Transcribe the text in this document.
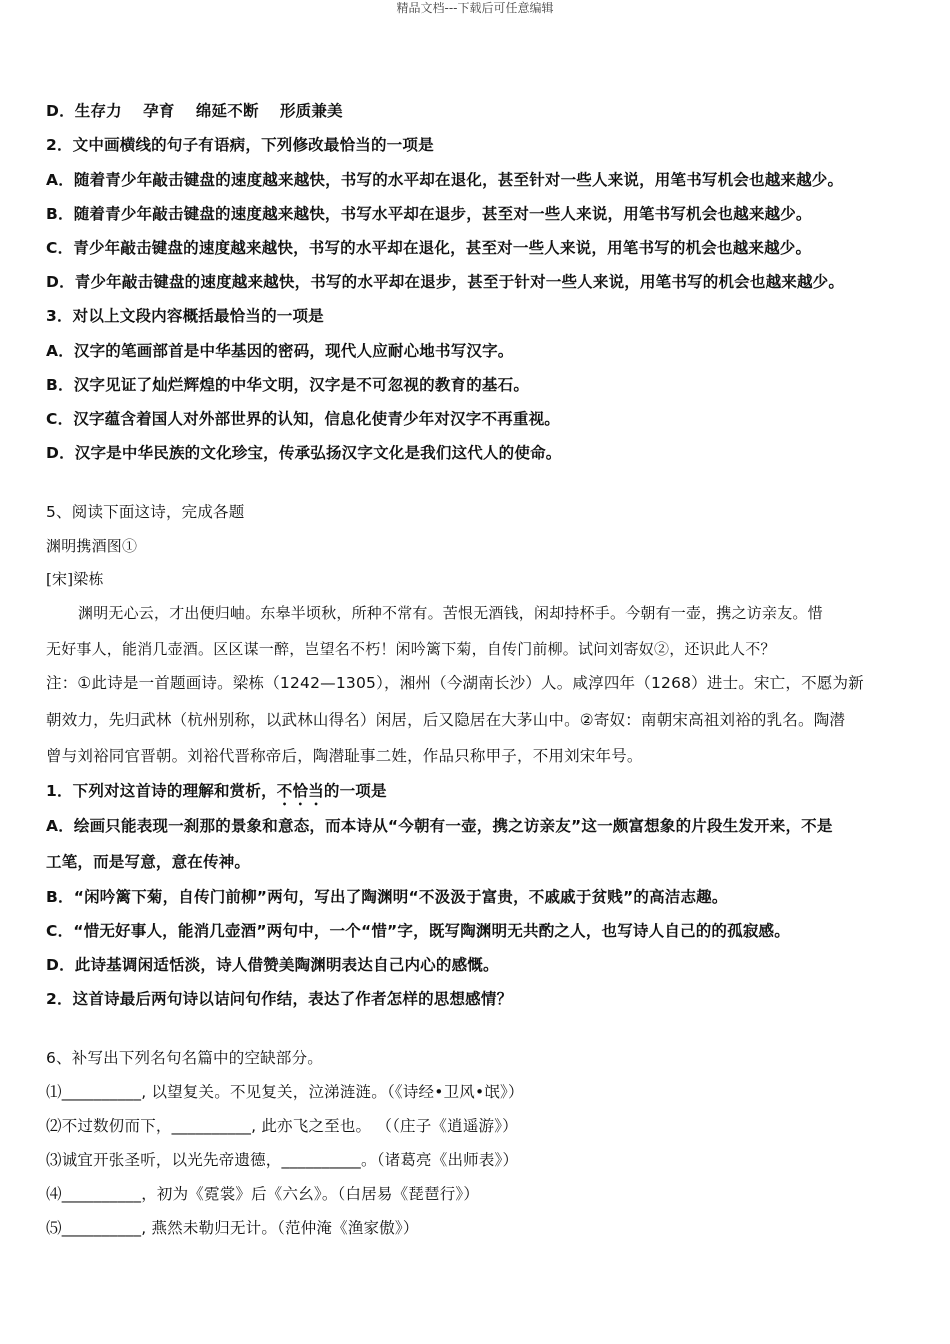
精品文档---下载后可任意编辑
D．生存力 　孕育 　绵延不断 　形质兼美
2．文中画横线的句子有语病，下列修改最恰当的一项是
A．随着青少年敲击键盘的速度越来越快，书写的水平却在退化，甚至针对一些人来说，用笔书写机会也越来越少。
B．随着青少年敲击键盘的速度越来越快，书写水平却在退步，甚至对一些人来说，用笔书写机会也越来越少。
C．青少年敲击键盘的速度越来越快，书写的水平却在退化，甚至对一些人来说，用笔书写的机会也越来越少。
D．青少年敲击键盘的速度越来越快，书写的水平却在退步，甚至于针对一些人来说，用笔书写的机会也越来越少。
3．对以上文段内容概括最恰当的一项是
A．汉字的笔画部首是中华基因的密码，现代人应耐心地书写汉字。
B．汉字见证了灿烂辉煌的中华文明，汉字是不可忽视的教育的基石。
C．汉字蕴含着国人对外部世界的认知，信息化使青少年对汉字不再重视。
D．汉字是中华民族的文化珍宝，传承弘扬汉字文化是我们这代人的使命。
5、阅读下面这诗，完成各题
渊明携酒图①
[宋]梁栋
渊明无心云，才出便归岫。东皋半顷秋，所种不常有。苦恨无酒钱，闲却持杯手。今朝有一壶，携之访亲友。惜
无好事人，能消几壶酒。区区谋一醉，岂望名不朽！闲吟篱下菊，自传门前柳。试问刘寄奴②，还识此人不？
注：①此诗是一首题画诗。梁栋（1242—1305），湘州（今湖南长沙）人。咸淳四年（1268）进士。宋亡，不愿为新
朝效力，先归武林（杭州别称，以武林山得名）闲居，后又隐居在大茅山中。②寄奴：南朝宋高祖刘裕的乳名。陶潜
曾与刘裕同官晋朝。刘裕代晋称帝后，陶潜耻事二姓，作品只称甲子，不用刘宋年号。
1．下列对这首诗的理解和赏析，不恰当的一项是
A．绘画只能表现一刹那的景象和意态，而本诗从“今朝有一壶，携之访亲友”这一颇富想象的片段生发开来，不是
工笔，而是写意，意在传神。
B．“闲吟篱下菊，自传门前柳”两句，写出了陶渊明“不汲汲于富贵，不戚戚于贫贱”的高洁志趣。
C．“惜无好事人，能消几壶酒”两句中，一个“惜”字，既写陶渊明无共酌之人，也写诗人自己的的孤寂感。
D．此诗基调闲适恬淡，诗人借赞美陶渊明表达自己内心的感慨。
2．这首诗最后两句诗以诘问句作结，表达了作者怎样的思想感情？
6、补写出下列名句名篇中的空缺部分。
⑴__________, 以望复关。不见复关，泣涕涟涟。（《诗经•卫风•氓》）
⑵不过数仞而下，__________, 此亦飞之至也。 （（庄子《逍遥游》）
⑶诚宜开张圣听，以光先帝遗德，__________。（诸葛亮《出师表》）
⑷__________，初为《霓裳》后《六幺》。（白居易《琵琶行》）
⑸__________, 燕然未勒归无计。（范仲淹《渔家傲》）
